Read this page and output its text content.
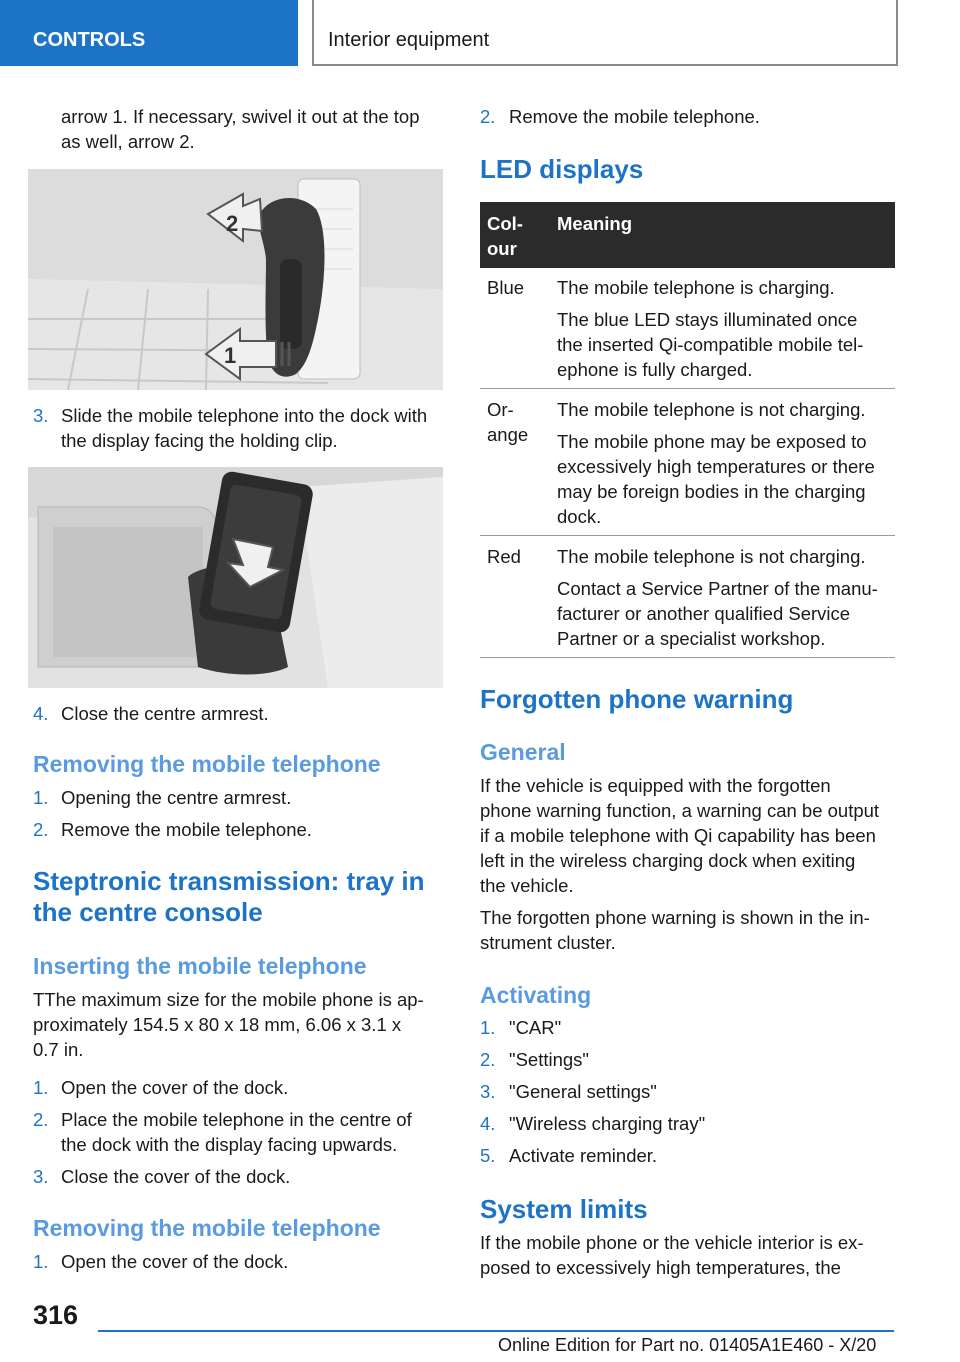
CONTROLS	Interior equipment
arrow 1. If necessary, swivel it out at the top
as well, arrow 2.
2
1
3. Slide the mobile telephone into the dock with
the display facing the holding clip.
4. Close the centre armrest.
Removing the mobile telephone
1. Opening the centre armrest.
2. Remove the mobile telephone.
Steptronic transmission: tray in
the centre console
Inserting the mobile telephone
TThe maximum size for the mobile phone is ap-
proximately 154.5 x 80 x 18 mm, 6.06 x 3.1 x
0.7 in.
1. Open the cover of the dock.
2. Place the mobile telephone in the centre of
the dock with the display facing upwards.
3. Close the cover of the dock.
Removing the mobile telephone
1. Open the cover of the dock.
2. Remove the mobile telephone.
LED displays
Col-
our
Meaning
Blue The mobile telephone is charging.
The blue LED stays illuminated once
the inserted Qi-compatible mobile tel-
ephone is fully charged.
Or-
ange
The mobile telephone is not charging.
The mobile phone may be exposed to
excessively high temperatures or there
may be foreign bodies in the charging
dock.
Red The mobile telephone is not charging.
Contact a Service Partner of the manu-
facturer or another qualified Service
Partner or a specialist workshop.
Forgotten phone warning
General
If the vehicle is equipped with the forgotten
phone warning function, a warning can be output
if a mobile telephone with Qi capability has been
left in the wireless charging dock when exiting
the vehicle.
The forgotten phone warning is shown in the in-
strument cluster.
Activating
1. "CAR"
2. "Settings"
3. "General settings"
4. "Wireless charging tray"
5. Activate reminder.
System limits
If the mobile phone or the vehicle interior is ex-
posed to excessively high temperatures, the
316
Online Edition for Part no. 01405A1E460 - X/20
